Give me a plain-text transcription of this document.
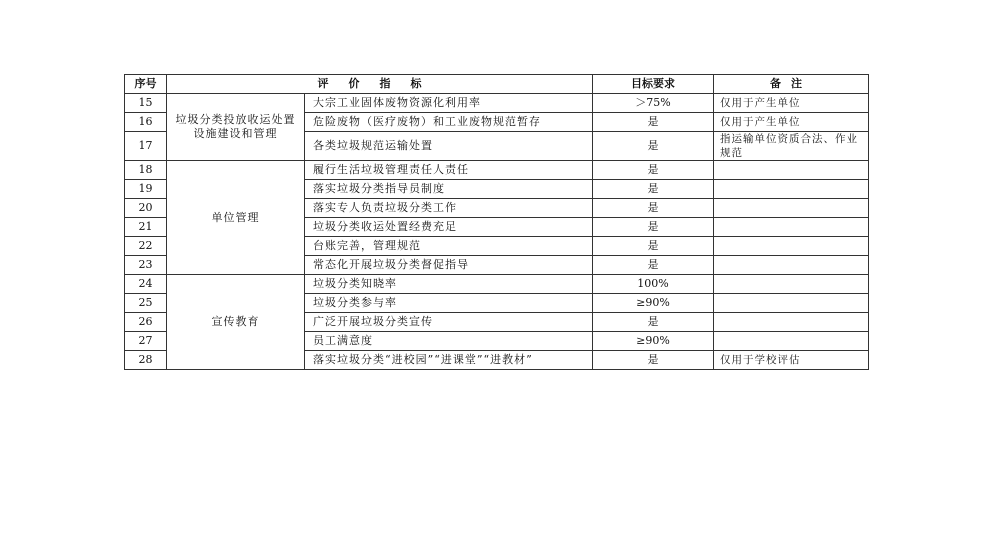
序号	评价指标		目标要求	备注
15	垃圾分类投放收运处置设施建设和管理	大宗工业固体废物资源化利用率	＞75%	仅用于产生单位
16		危险废物（医疗废物）和工业废物规范暂存	是	仅用于产生单位
17		各类垃圾规范运输处置	是	指运输单位资质合法、作业规范
18	单位管理	履行生活垃圾管理责任人责任	是	
19		落实垃圾分类指导员制度	是	
20		落实专人负责垃圾分类工作	是	
21		垃圾分类收运处置经费充足	是	
22		台账完善，管理规范	是	
23		常态化开展垃圾分类督促指导	是	
24	宣传教育	垃圾分类知晓率	100%	
25		垃圾分类参与率	≥90%	
26		广泛开展垃圾分类宣传	是	
27		员工满意度	≥90%	
28		落实垃圾分类“进校园”“进课堂”“进教材”	是	仅用于学校评估
